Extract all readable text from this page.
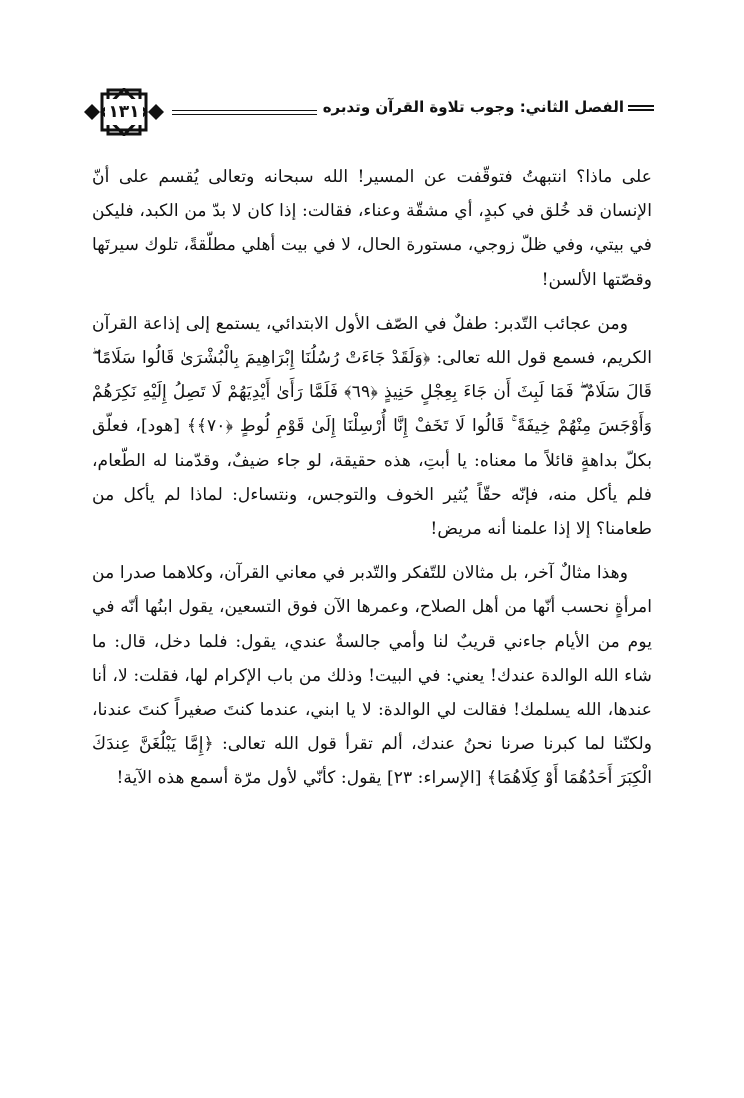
الفصل الثاني: وجوب تلاوة القرآن وتدبره
١٣١

على ماذا؟ انتبهتُ فتوقّفت عن المسير! الله سبحانه وتعالى يُقسم على أنّ الإنسان قد خُلق في كبدٍ، أي مشقّة وعناء، فقالت: إذا كان لا بدّ من الكبد، فليكن في بيتي، وفي ظلّ زوجي، مستورة الحال، لا في بيت أهلي مطلّقةً، تلوك سيرتَها وقصّتها الألسن!

ومن عجائب التّدبر: طفلٌ في الصّف الأول الابتدائي، يستمع إلى إذاعة القرآن الكريم، فسمع قول الله تعالى: ﴿وَلَقَدْ جَاءَتْ رُسُلُنَا إِبْرَاهِيمَ بِالْبُشْرَىٰ قَالُوا سَلَامًا ۖ قَالَ سَلَامٌ ۖ فَمَا لَبِثَ أَن جَاءَ بِعِجْلٍ حَنِيذٍ ﴿٦٩﴾ فَلَمَّا رَأَىٰ أَيْدِيَهُمْ لَا تَصِلُ إِلَيْهِ نَكِرَهُمْ وَأَوْجَسَ مِنْهُمْ خِيفَةً ۚ قَالُوا لَا تَخَفْ إِنَّا أُرْسِلْنَا إِلَىٰ قَوْمِ لُوطٍ ﴿٧٠﴾﴾ [هود]، فعلّق بكلّ بداهةٍ قائلاً ما معناه: يا أبتِ، هذه حقيقة، لو جاء ضيفٌ، وقدّمنا له الطّعام، فلم يأكل منه، فإنّه حقّاً يُثير الخوف والتوجس، ونتساءل: لماذا لم يأكل من طعامنا؟ إلا إذا علمنا أنه مريض!

وهذا مثالٌ آخر، بل مثالان للتّفكر والتّدبر في معاني القرآن، وكلاهما صدرا من امرأةٍ نحسب أنّها من أهل الصلاح، وعمرها الآن فوق التسعين، يقول ابنُها أنّه في يوم من الأيام جاءني قريبٌ لنا وأمي جالسةٌ عندي، يقول: فلما دخل، قال: ما شاء الله الوالدة عندك! يعني: في البيت! وذلك من باب الإكرام لها، فقلت: لا، أنا عندها، الله يسلمك! فقالت لي الوالدة: لا يا ابني، عندما كنتَ صغيراً كنتَ عندنا، ولكنّنا لما كبرنا صرنا نحنُ عندك، ألم تقرأ قول الله تعالى: ﴿إِمَّا يَبْلُغَنَّ عِندَكَ الْكِبَرَ أَحَدُهُمَا أَوْ كِلَاهُمَا﴾ [الإسراء: ٢٣] يقول: كأنّي لأول مرّة أسمع هذه الآية!
